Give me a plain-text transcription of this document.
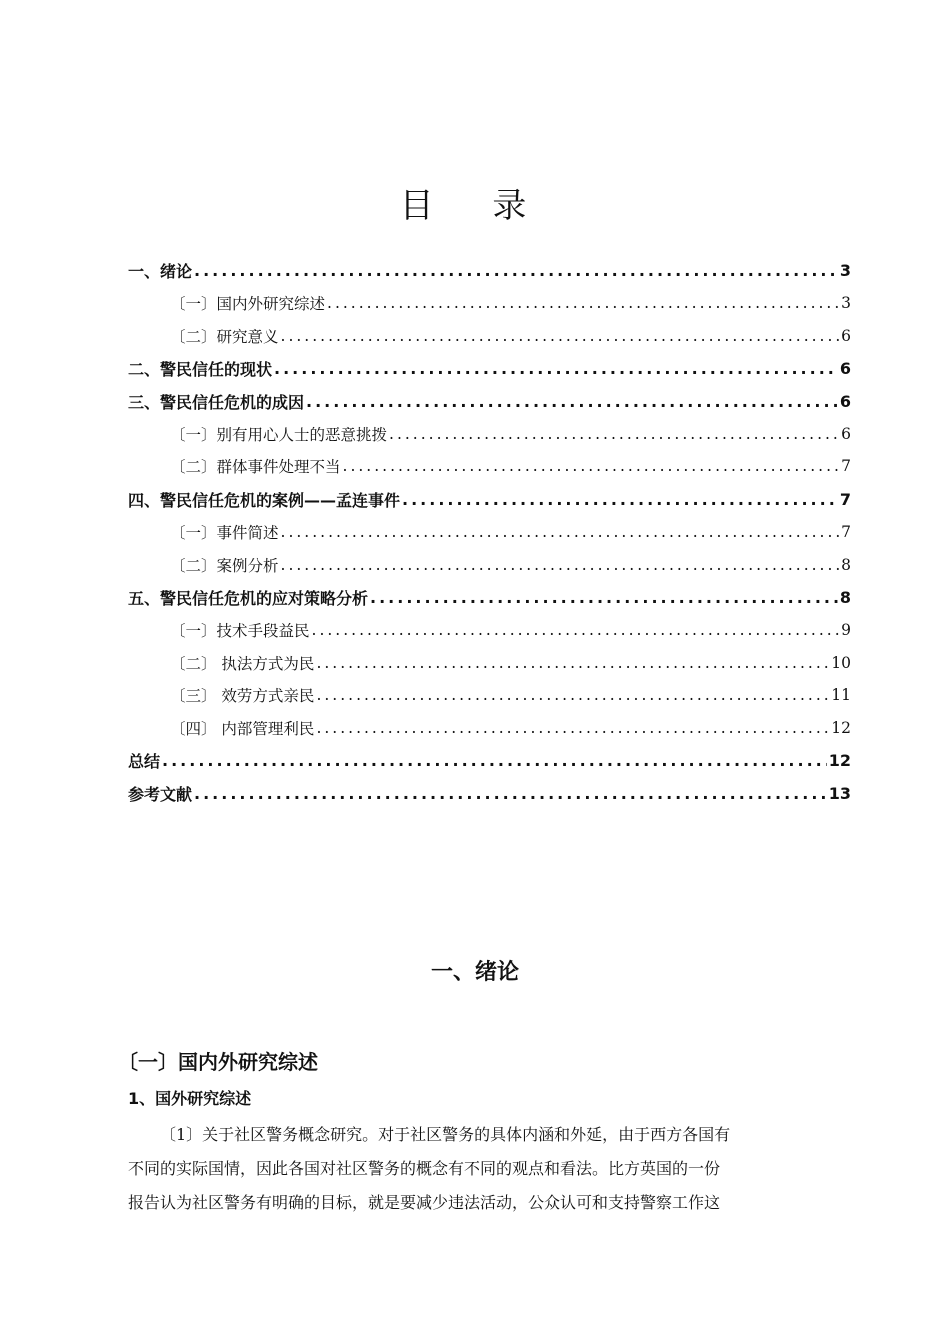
目 录
一、绪论 .....	3
〔一〕国内外研究综述 .....	3
〔二〕研究意义 .....	6
二、警民信任的现状 .....	6
三、警民信任危机的成因 .....	6
〔一〕别有用心人士的恶意挑拨 .....	6
〔二〕群体事件处理不当 .....	7
四、警民信任危机的案例——孟连事件 .....	7
〔一〕事件简述 .....	7
〔二〕案例分析 .....	8
五、警民信任危机的应对策略分析 .....	8
〔一〕技术手段益民 .....	9
〔二〕 执法方式为民 .....	10
〔三〕 效劳方式亲民 .....	11
〔四〕 内部管理利民 .....	12
总结 .....	12
参考文献 .....	13
一、绪论
〔一〕国内外研究综述
1、国外研究综述

〔1〕关于社区警务概念研究。对于社区警务的具体内涵和外延，由于西方各国有
不同的实际国情，因此各国对社区警务的概念有不同的观点和看法。比方英国的一份
报告认为社区警务有明确的目标，就是要减少违法活动，公众认可和支持警察工作这
